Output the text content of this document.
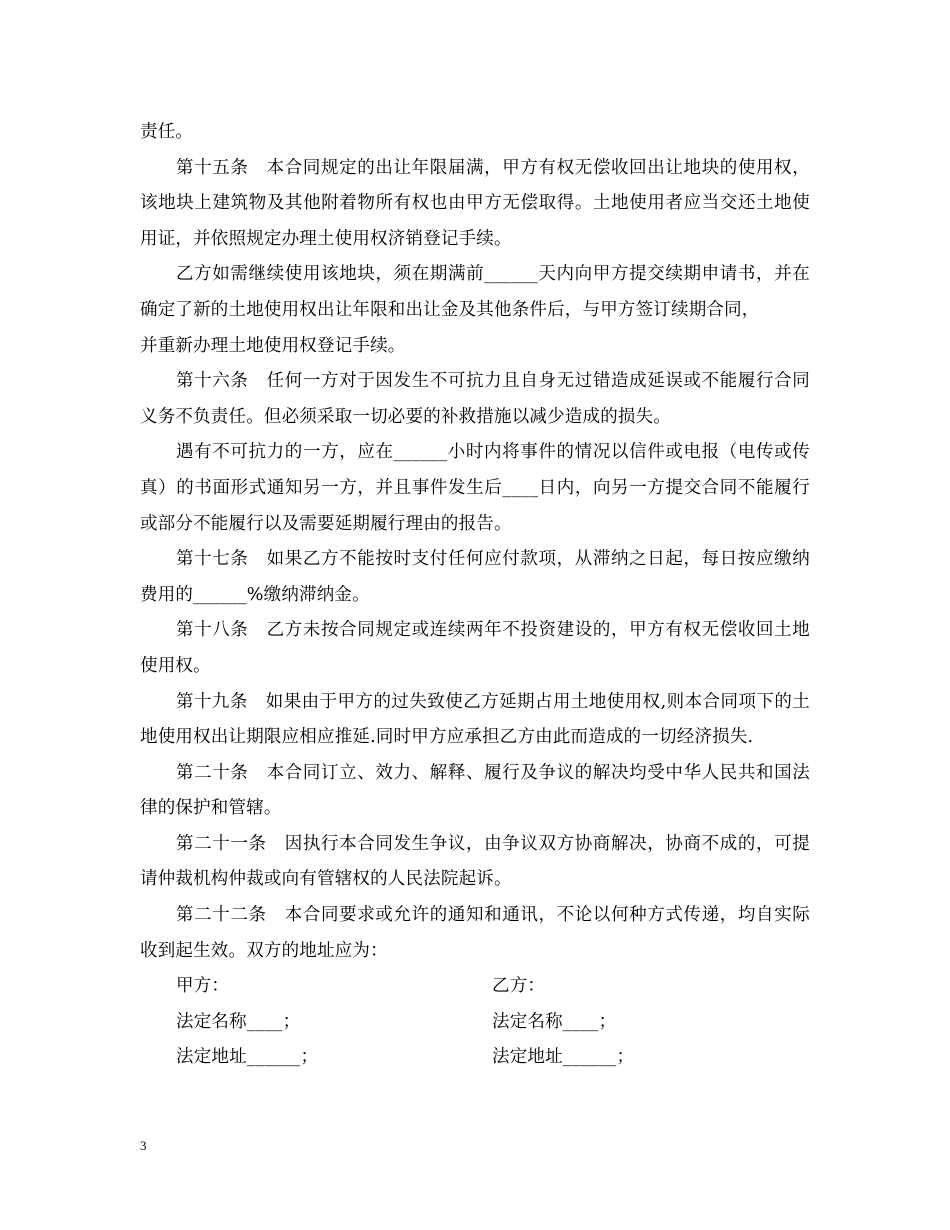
责任。

第十五条　本合同规定的出让年限届满，甲方有权无偿收回出让地块的使用权，该地块上建筑物及其他附着物所有权也由甲方无偿取得。土地使用者应当交还土地使用证，并依照规定办理土使用权济销登记手续。

乙方如需继续使用该地块，须在期满前______天内向甲方提交续期申请书，并在确定了新的土地使用权出让年限和出让金及其他条件后，与甲方签订续期合同，

并重新办理土地使用权登记手续。

第十六条　任何一方对于因发生不可抗力且自身无过错造成延误或不能履行合同义务不负责任。但必须采取一切必要的补救措施以减少造成的损失。

遇有不可抗力的一方，应在______小时内将事件的情况以信件或电报（电传或传真）的书面形式通知另一方，并且事件发生后____日内，向另一方提交合同不能履行或部分不能履行以及需要延期履行理由的报告。

第十七条　如果乙方不能按时支付任何应付款项，从滞纳之日起，每日按应缴纳费用的______%缴纳滞纳金。

第十八条　乙方未按合同规定或连续两年不投资建设的，甲方有权无偿收回土地使用权。

第十九条　如果由于甲方的过失致使乙方延期占用土地使用权,则本合同项下的土地使用权出让期限应相应推延.同时甲方应承担乙方由此而造成的一切经济损失.

第二十条　本合同订立、效力、解释、履行及争议的解决均受中华人民共和国法律的保护和管辖。

第二十一条　因执行本合同发生争议，由争议双方协商解决，协商不成的，可提请仲裁机构仲裁或向有管辖权的人民法院起诉。

第二十二条　本合同要求或允许的通知和通讯，不论以何种方式传递，均自实际收到起生效。双方的地址应为：

甲方：	乙方：
法定名称____；	法定名称____；
法定地址______；	法定地址______；
3
